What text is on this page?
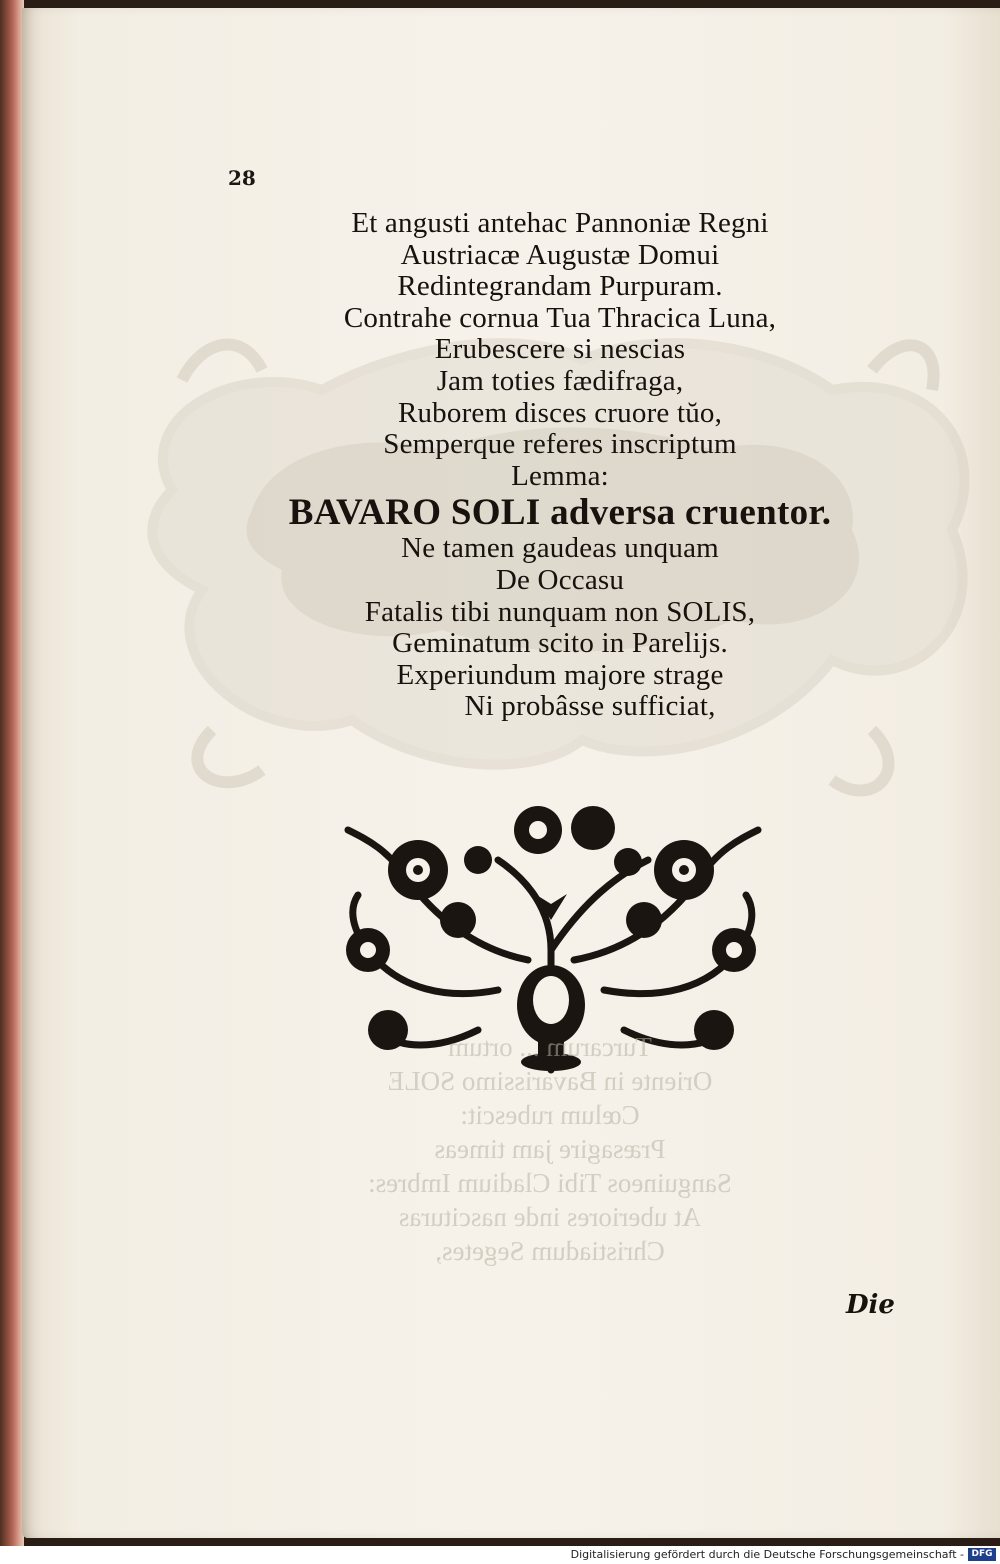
28
Et angusti antehac Pannoniæ Regni
Austriacæ Augustæ Domui
Redintegrandam Purpuram.
Contrahe cornua Tua Thracica Luna,
Erubescere si nescias
Jam toties fædifraga,
Ruborem disces cruore tŭo,
Semperque referes inscriptum
Lemma:
BAVARO SOLI adversa cruentor.
Ne tamen gaudeas unquam
De Occasu
Fatalis tibi nunquam non SOLIS,
Geminatum scito in Parelijs.
Experiundum majore strage
Ni probâsse sufficiat,
Turcarum ... ortum
Oriente in Bavarissimo SOLE
Cœlum rubescit:
Præsagire jam timeas
Sanguineos Tibi Cladium Imbres:
At uberiores inde nascituras
Christiadum Segetes,
Die
Digitalisierung gefördert durch die Deutsche Forschungsgemeinschaft - DFG
